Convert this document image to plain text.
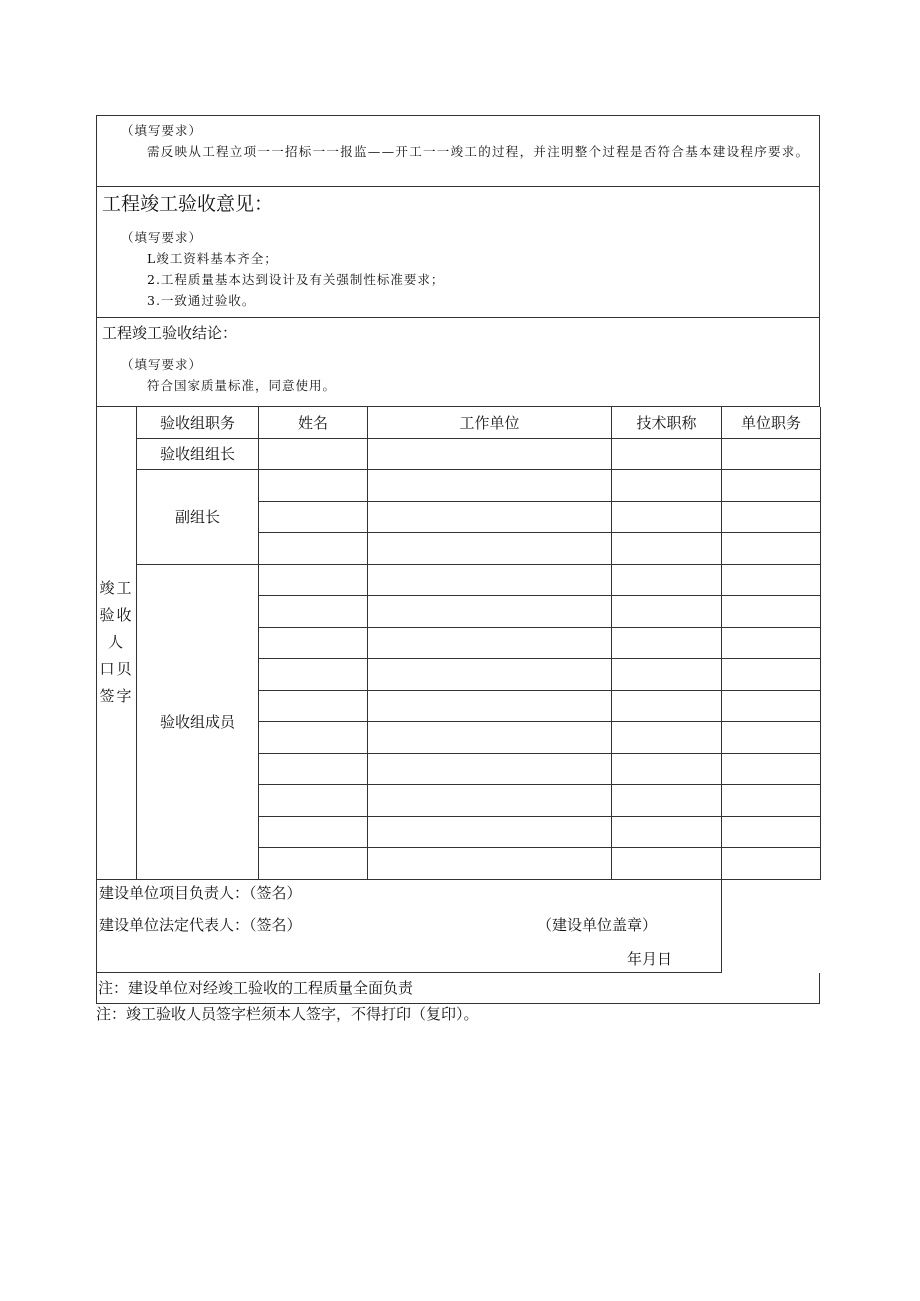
（填写要求）
需反映从工程立项一一招标一一报监——开工一一竣工的过程，并注明整个过程是否符合基本建设程序要求。
工程竣工验收意见：
（填写要求）
L竣工资料基本齐全；
2.工程质量基本达到设计及有关强制性标准要求；
3.一致通过验收。
工程竣工验收结论：
（填写要求）
符合国家质量标准，同意使用。
竣工
验收
人
口贝
签字	验收组职务	姓名	工作单位	技术职称	单位职务
	验收组组长				
	副组长				

	验收组成员				

建设单位项目负责人：（签名）
建设单位法定代表人：（签名） （建设单位盖章）
年月日					
注：建设单位对经竣工验收的工程质量全面负责
注：竣工验收人员签字栏须本人签字，不得打印（复印）。
